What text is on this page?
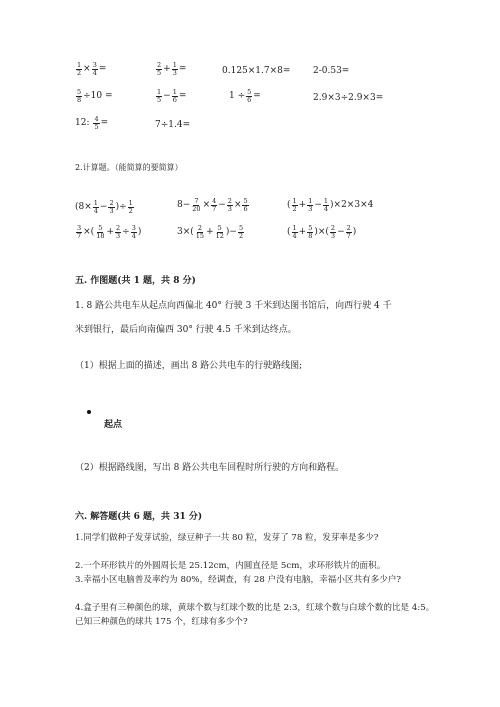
$\frac{1}{2} \times \frac{3}{4}$ =	$\frac{2}{5} + \frac{1}{3}$ =	0.125×1.7×8=	2-0.53=
$\frac{5}{8} \div 10$ =	$\frac{1}{5} - \frac{1}{6}$ =	$1 \div \frac{5}{6}$ =	2.9×3÷2.9×3=
12: $\frac{4}{5}$ =	7÷1.4=
2.计算题。（能简算的要简算）
($8\times \frac{1}{4} - \frac{2}{3}$ )÷ $\frac{1}{2}$	$8- \frac{7}{20} \times \frac{4}{7} - \frac{2}{3} \times \frac{5}{6}$	( $\frac{1}{2} + \frac{1}{3} - \frac{1}{4} )\times 2\times 3\times 4$
$\frac{3}{7}$ ×( $\frac{5}{18} + \frac{2}{3} \div \frac{3}{4}$ )	$3\times( \frac{2}{15} + \frac{5}{12}$ )− $\frac{5}{2}$	( $\frac{1}{4} + \frac{5}{8}$ )×( $\frac{2}{3} - \frac{2}{7}$ )
五. 作图题(共 1 题，共 8 分)
1. 8 路公共电车从起点向西偏北 40° 行驶 3 千米到达图书馆后，向西行驶 4 千
米到银行，最后向南偏西 30° 行驶 4.5 千米到达终点。
（1）根据上面的描述，画出 8 路公共电车的行驶路线图;
起点
（2）根据路线图，写出 8 路公共电车回程时所行驶的方向和路程。
六. 解答题(共 6 题，共 31 分)
1.同学们做种子发芽试验，绿豆种子一共 80 粒，发芽了 78 粒，发芽率是多少?
2.一个环形铁片的外圆周长是 25.12cm，内圆直径是 5cm，求环形铁片的面积。
3.幸福小区电脑普及率约为 80%，经调查，有 28 户没有电脑，幸福小区共有多少户?
4.盒子里有三种颜色的球，黄球个数与红球个数的比是 2:3，红球个数与白球个数的比是 4:5。已知三种颜色的球共 175 个，红球有多少个?
